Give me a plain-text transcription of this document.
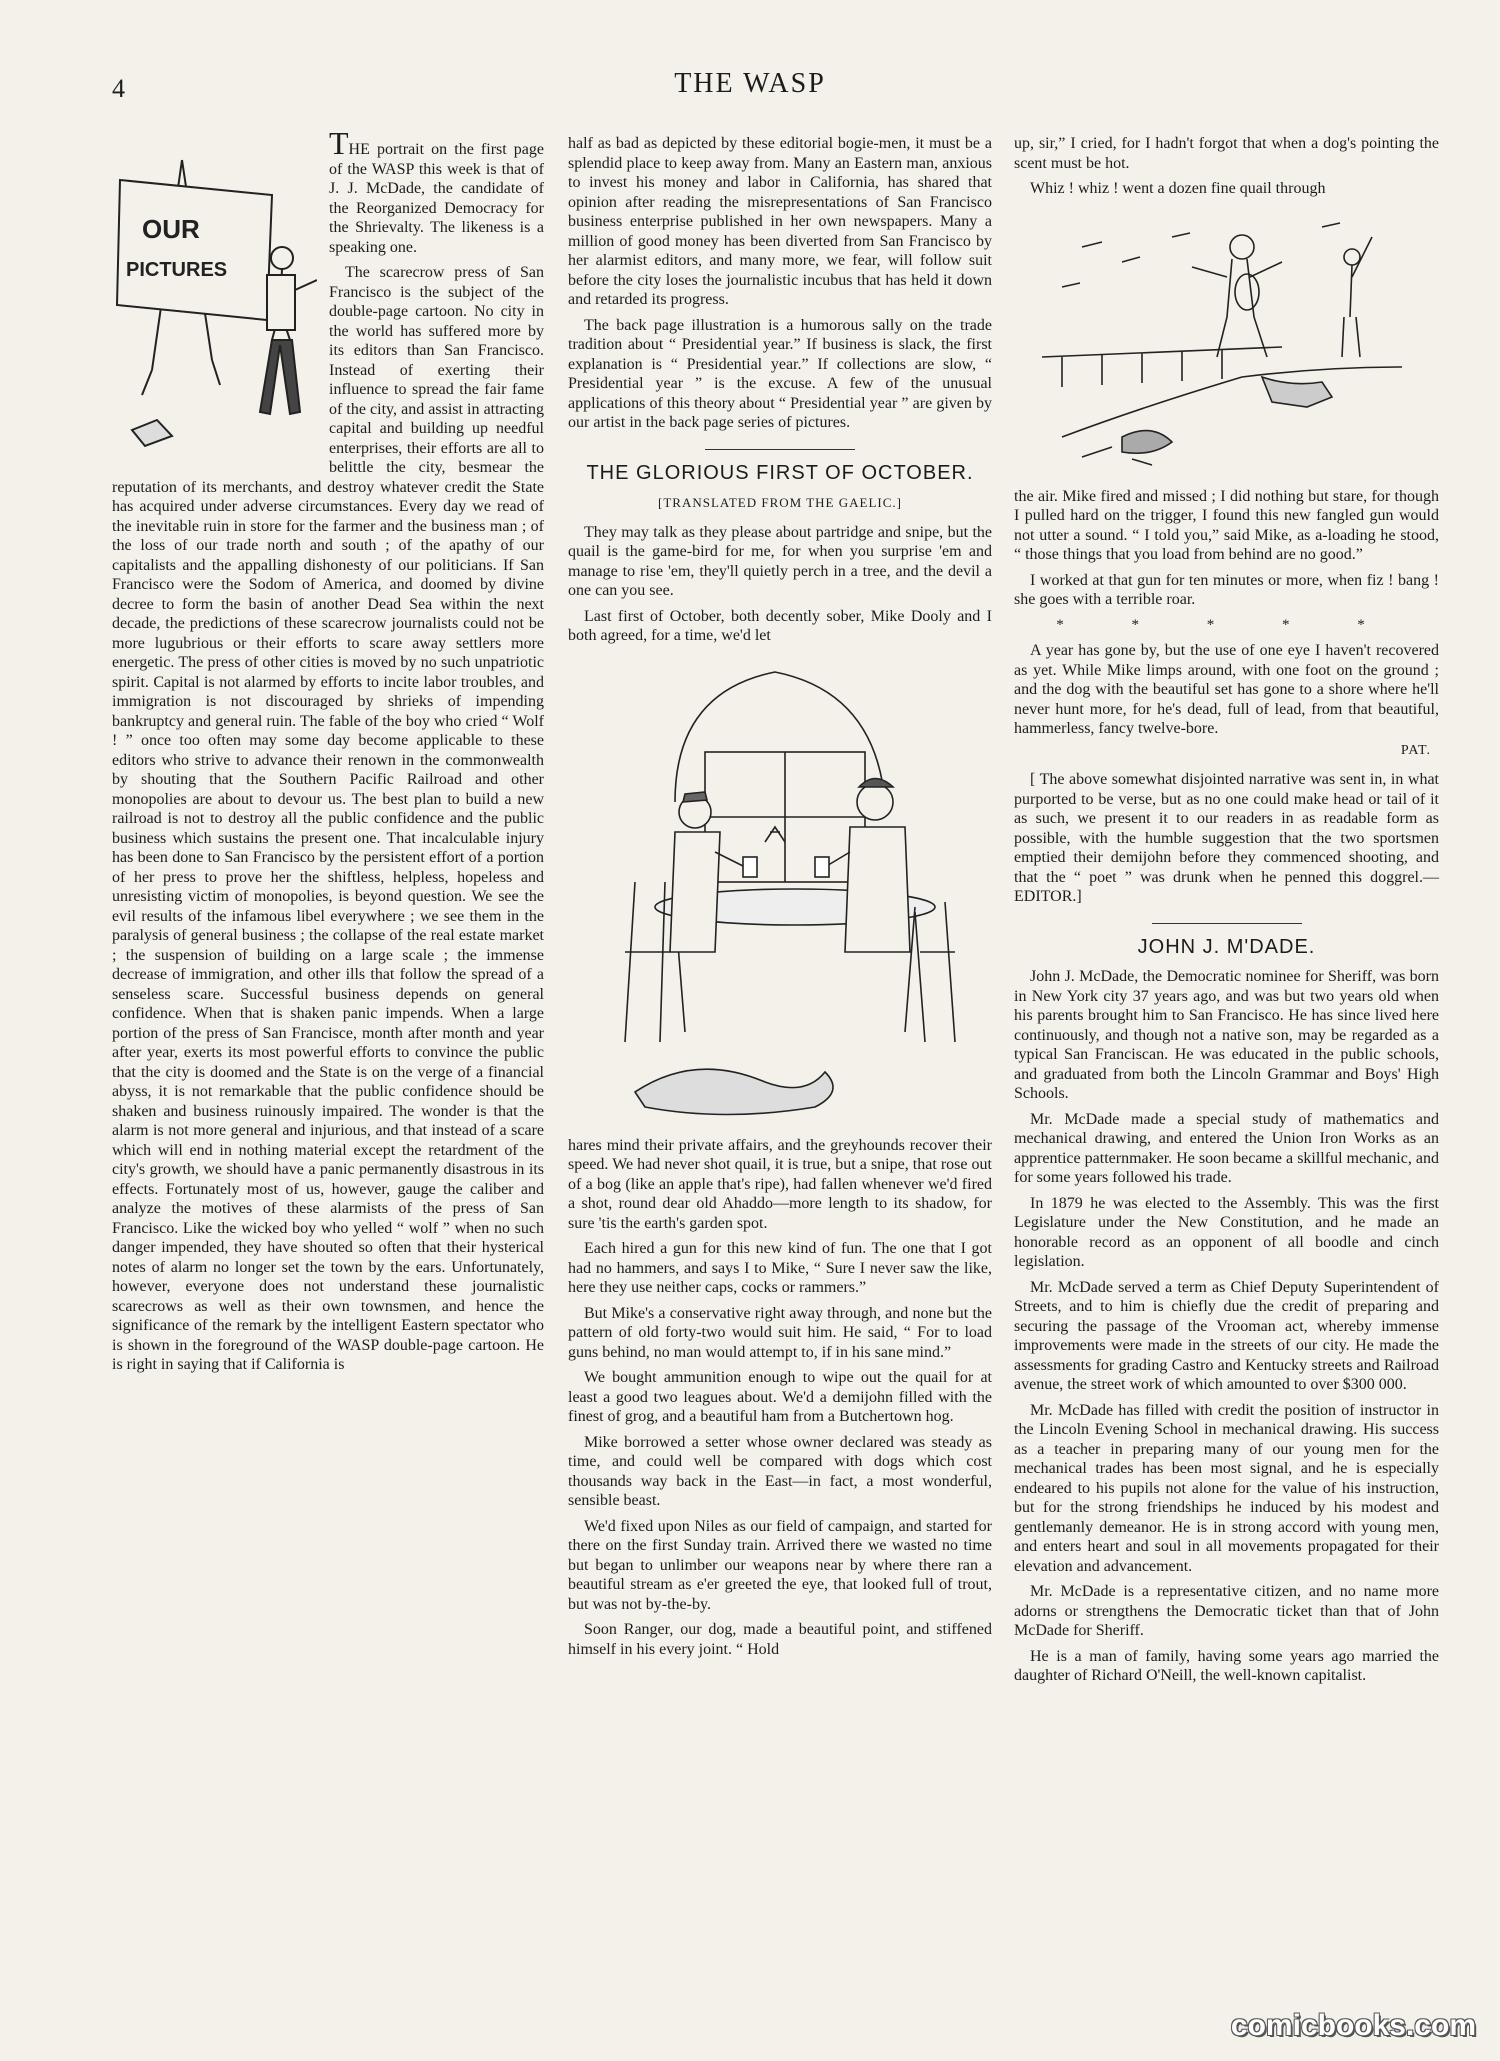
4	THE WASP
OUR
PICTURES

THE portrait on the first page of the WASP this week is that of J. J. McDade, the candidate of the Reorganized Democracy for the Shrievalty. The likeness is a speaking one.

The scarecrow press of San Francisco is the subject of the double-page cartoon. No city in the world has suffered more by its editors than San Francisco. Instead of exerting their influence to spread the fair fame of the city, and assist in attracting capital and building up needful enterprises, their efforts are all to belittle the city, besmear the reputation of its merchants, and destroy whatever credit the State has acquired under adverse circumstances. Every day we read of the inevitable ruin in store for the farmer and the business man ; of the loss of our trade north and south ; of the apathy of our capitalists and the appalling dishonesty of our politicians. If San Francisco were the Sodom of America, and doomed by divine decree to form the basin of another Dead Sea within the next decade, the predictions of these scarecrow journalists could not be more lugubrious or their efforts to scare away settlers more energetic. The press of other cities is moved by no such unpatriotic spirit. Capital is not alarmed by efforts to incite labor troubles, and immigration is not discouraged by shrieks of impending bankruptcy and general ruin. The fable of the boy who cried “ Wolf ! ” once too often may some day become applicable to these editors who strive to advance their renown in the commonwealth by shouting that the Southern Pacific Railroad and other monopolies are about to devour us. The best plan to build a new railroad is not to destroy all the public confidence and the public business which sustains the present one. That incalculable injury has been done to San Francisco by the persistent effort of a portion of her press to prove her the shiftless, helpless, hopeless and unresisting victim of monopolies, is beyond question. We see the evil results of the infamous libel everywhere ; we see them in the paralysis of general business ; the collapse of the real estate market ; the suspension of building on a large scale ; the immense decrease of immigration, and other ills that follow the spread of a senseless scare. Successful business depends on general confidence. When that is shaken panic impends. When a large portion of the press of San Francisce, month after month and year after year, exerts its most powerful efforts to convince the public that the city is doomed and the State is on the verge of a financial abyss, it is not remarkable that the public confidence should be shaken and business ruinously impaired. The wonder is that the alarm is not more general and injurious, and that instead of a scare which will end in nothing material except the retardment of the city's growth, we should have a panic permanently disastrous in its effects. Fortunately most of us, however, gauge the caliber and analyze the motives of these alarmists of the press of San Francisco. Like the wicked boy who yelled “ wolf ” when no such danger impended, they have shouted so often that their hysterical notes of alarm no longer set the town by the ears. Unfortunately, however, everyone does not understand these journalistic scarecrows as well as their own townsmen, and hence the significance of the remark by the intelligent Eastern spectator who is shown in the foreground of the WASP double-page cartoon. He is right in saying that if California is

half as bad as depicted by these editorial bogie-men, it must be a splendid place to keep away from. Many an Eastern man, anxious to invest his money and labor in California, has shared that opinion after reading the misrepresentations of San Francisco business enterprise published in her own newspapers. Many a million of good money has been diverted from San Francisco by her alarmist editors, and many more, we fear, will follow suit before the city loses the journalistic incubus that has held it down and retarded its progress.

The back page illustration is a humorous sally on the trade tradition about “ Presidential year.” If business is slack, the first explanation is “ Presidential year.” If collections are slow, “ Presidential year ” is the excuse. A few of the unusual applications of this theory about “ Presidential year ” are given by our artist in the back page series of pictures.

THE GLORIOUS FIRST OF OCTOBER.
[TRANSLATED FROM THE GAELIC.]

They may talk as they please about partridge and snipe, but the quail is the game-bird for me, for when you surprise 'em and manage to rise 'em, they'll quietly perch in a tree, and the devil a one can you see.

Last first of October, both decently sober, Mike Dooly and I both agreed, for a time, we'd let

hares mind their private affairs, and the greyhounds recover their speed. We had never shot quail, it is true, but a snipe, that rose out of a bog (like an apple that's ripe), had fallen whenever we'd fired a shot, round dear old Ahaddo—more length to its shadow, for sure 'tis the earth's garden spot.

Each hired a gun for this new kind of fun. The one that I got had no hammers, and says I to Mike, “ Sure I never saw the like, here they use neither caps, cocks or rammers.”

But Mike's a conservative right away through, and none but the pattern of old forty-two would suit him. He said, “ For to load guns behind, no man would attempt to, if in his sane mind.”

We bought ammunition enough to wipe out the quail for at least a good two leagues about. We'd a demijohn filled with the finest of grog, and a beautiful ham from a Butchertown hog.

Mike borrowed a setter whose owner declared was steady as time, and could well be compared with dogs which cost thousands way back in the East—in fact, a most wonderful, sensible beast.

We'd fixed upon Niles as our field of campaign, and started for there on the first Sunday train. Arrived there we wasted no time but began to unlimber our weapons near by where there ran a beautiful stream as e'er greeted the eye, that looked full of trout, but was not by-the-by.

Soon Ranger, our dog, made a beautiful point, and stiffened himself in his every joint. “ Hold

up, sir,” I cried, for I hadn't forgot that when a dog's pointing the scent must be hot.

Whiz ! whiz ! went a dozen fine quail through

the air. Mike fired and missed ; I did nothing but stare, for though I pulled hard on the trigger, I found this new fangled gun would not utter a sound. “ I told you,” said Mike, as a-loading he stood, “ those things that you load from behind are no good.”

I worked at that gun for ten minutes or more, when fiz ! bang ! she goes with a terrible roar.

* * * * *

A year has gone by, but the use of one eye I haven't recovered as yet. While Mike limps around, with one foot on the ground ; and the dog with the beautiful set has gone to a shore where he'll never hunt more, for he's dead, full of lead, from that beautiful, hammerless, fancy twelve-bore.

PAT.

[ The above somewhat disjointed narrative was sent in, in what purported to be verse, but as no one could make head or tail of it as such, we present it to our readers in as readable form as possible, with the humble suggestion that the two sportsmen emptied their demijohn before they commenced shooting, and that the “ poet ” was drunk when he penned this doggrel.—EDITOR.]

JOHN J. M'DADE.

John J. McDade, the Democratic nominee for Sheriff, was born in New York city 37 years ago, and was but two years old when his parents brought him to San Francisco. He has since lived here continuously, and though not a native son, may be regarded as a typical San Franciscan. He was educated in the public schools, and graduated from both the Lincoln Grammar and Boys' High Schools.

Mr. McDade made a special study of mathematics and mechanical drawing, and entered the Union Iron Works as an apprentice patternmaker. He soon became a skillful mechanic, and for some years followed his trade.

In 1879 he was elected to the Assembly. This was the first Legislature under the New Constitution, and he made an honorable record as an opponent of all boodle and cinch legislation.

Mr. McDade served a term as Chief Deputy Superintendent of Streets, and to him is chiefly due the credit of preparing and securing the passage of the Vrooman act, whereby immense improvements were made in the streets of our city. He made the assessments for grading Castro and Kentucky streets and Railroad avenue, the street work of which amounted to over $300 000.

Mr. McDade has filled with credit the position of instructor in the Lincoln Evening School in mechanical drawing. His success as a teacher in preparing many of our young men for the mechanical trades has been most signal, and he is especially endeared to his pupils not alone for the value of his instruction, but for the strong friendships he induced by his modest and gentlemanly demeanor. He is in strong accord with young men, and enters heart and soul in all movements propagated for their elevation and advancement.

Mr. McDade is a representative citizen, and no name more adorns or strengthens the Democratic ticket than that of John McDade for Sheriff.

He is a man of family, having some years ago married the daughter of Richard O'Neill, the well-known capitalist.

comicbooks.com
